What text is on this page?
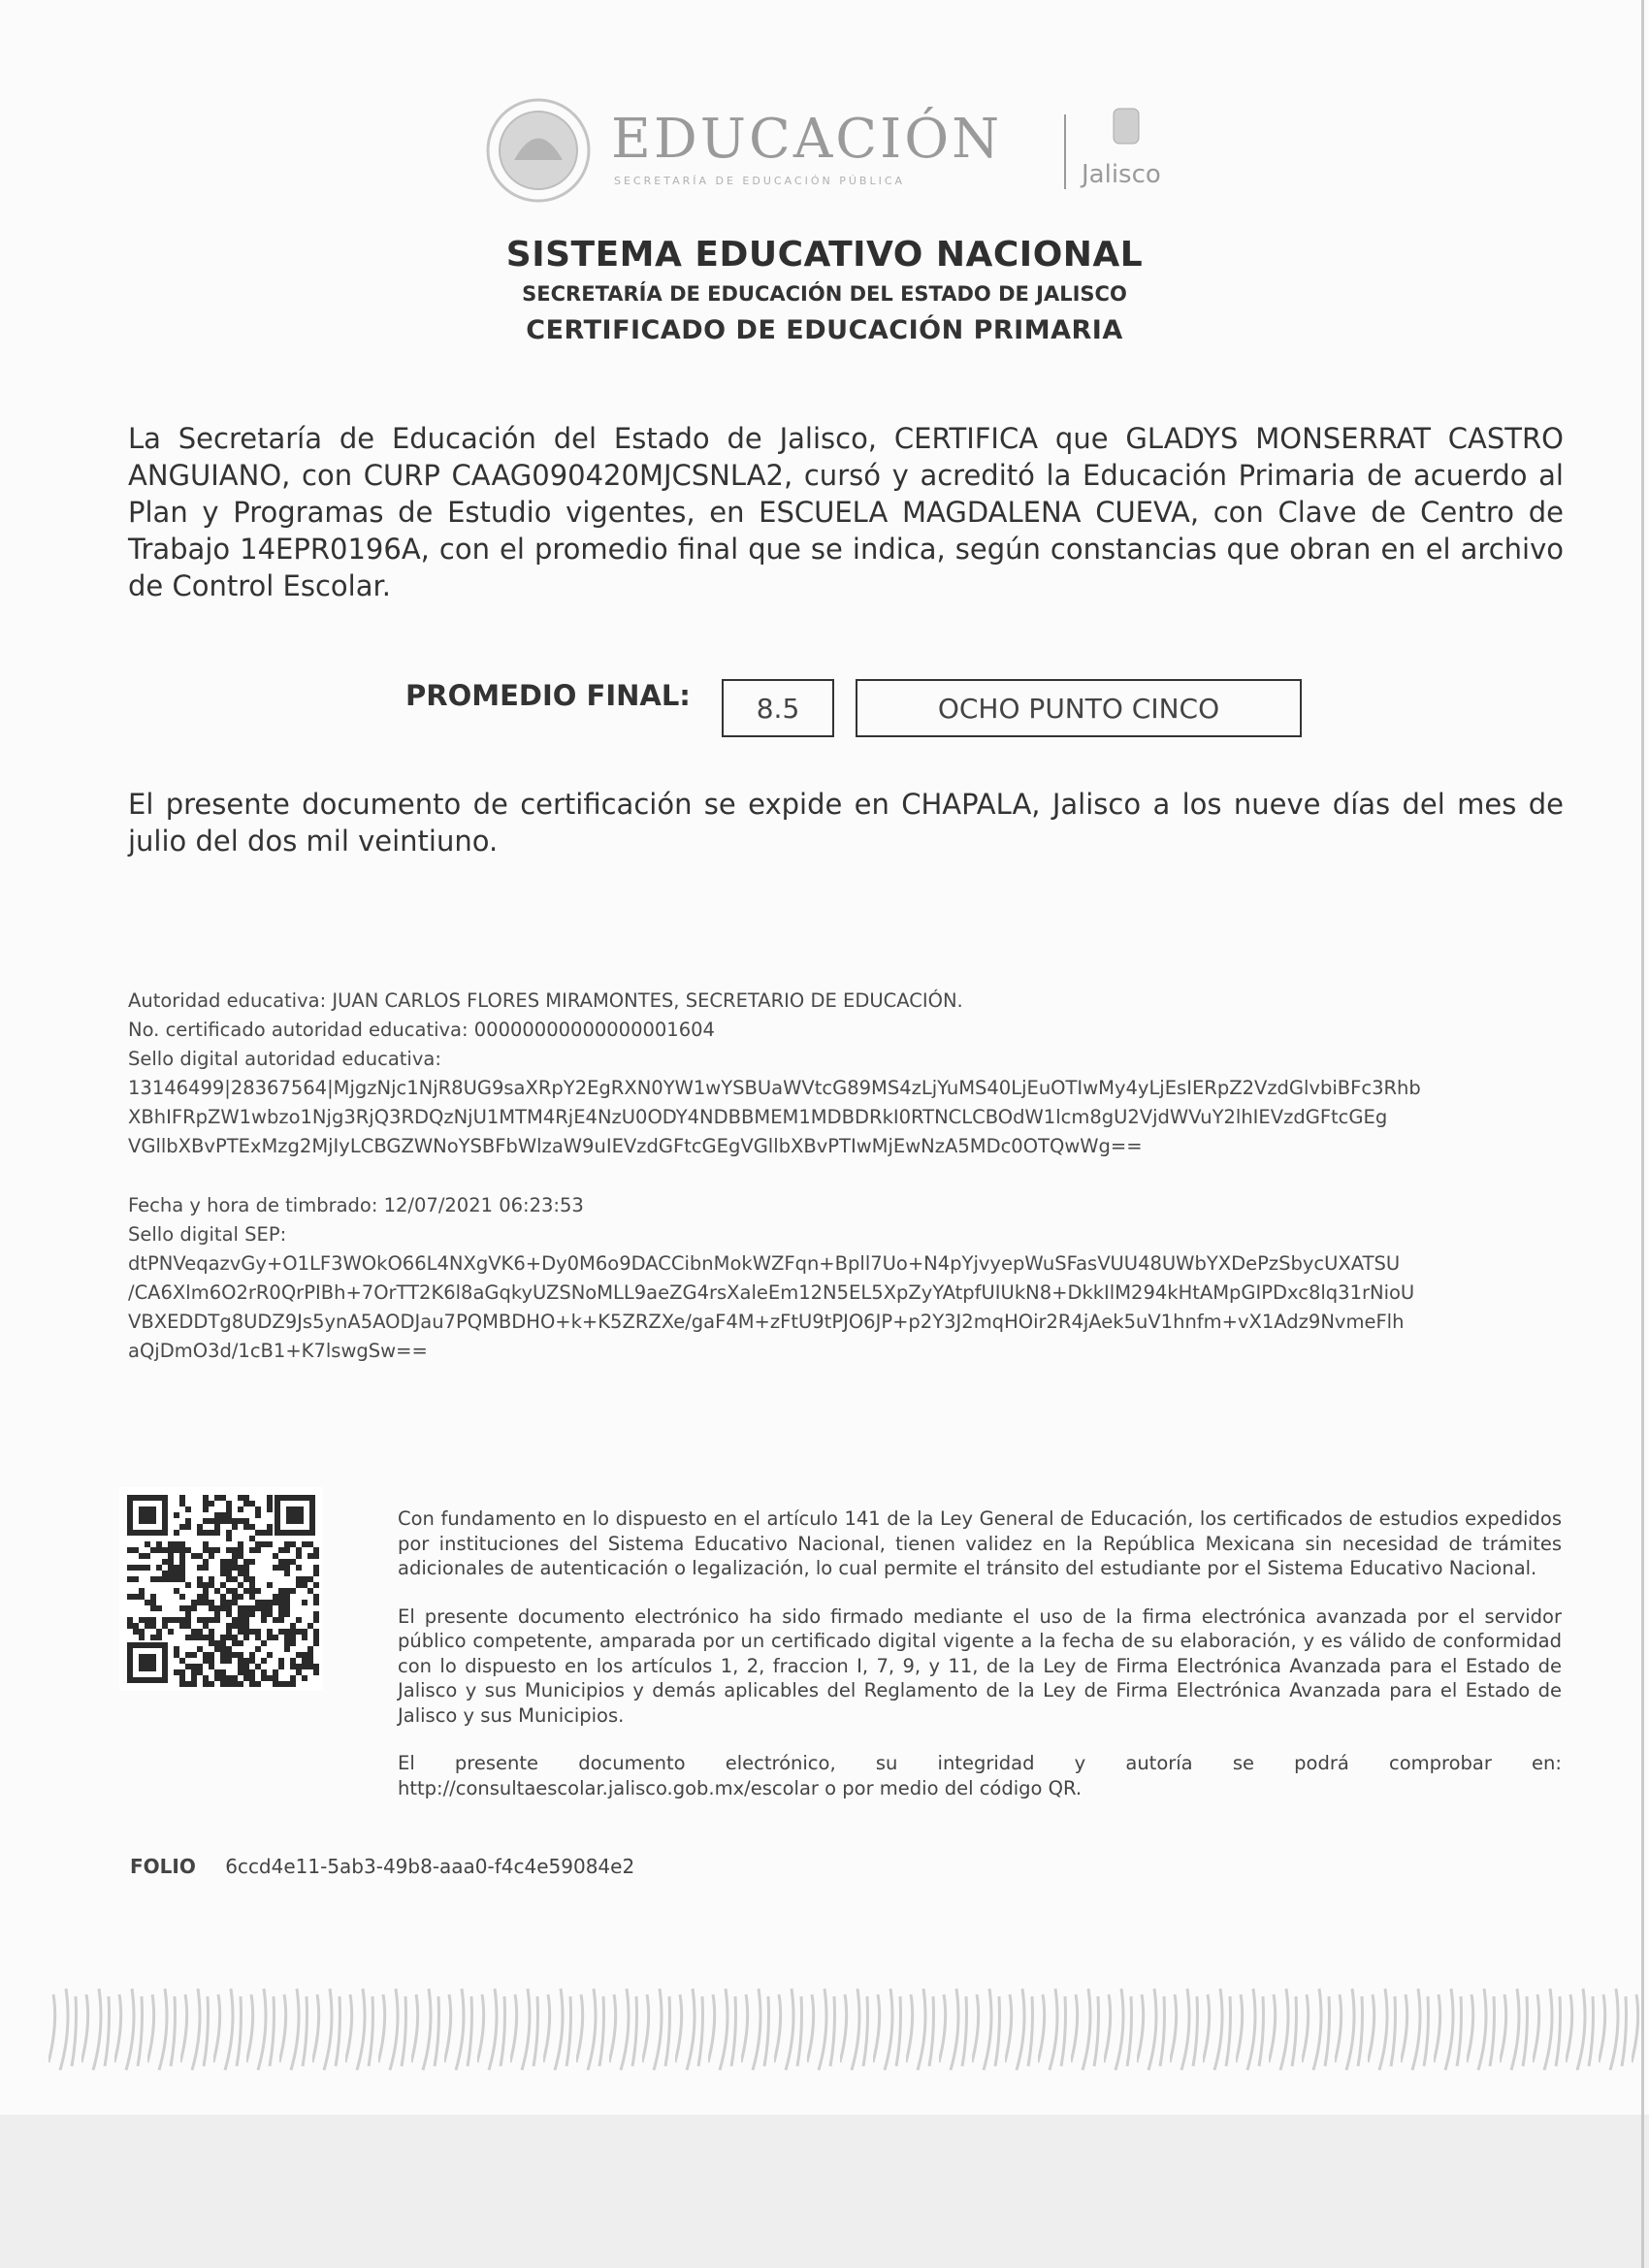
EDUCACIÓN
SECRETARÍA DE EDUCACIÓN PÚBLICA	Jalisco
SISTEMA EDUCATIVO NACIONAL
SECRETARÍA DE EDUCACIÓN DEL ESTADO DE JALISCO
CERTIFICADO DE EDUCACIÓN PRIMARIA
La Secretaría de Educación del Estado de Jalisco, CERTIFICA que GLADYS MONSERRAT CASTRO ANGUIANO, con CURP CAAG090420MJCSNLA2, cursó y acreditó la Educación Primaria de acuerdo al Plan y Programas de Estudio vigentes, en ESCUELA MAGDALENA CUEVA, con Clave de Centro de Trabajo 14EPR0196A, con el promedio final que se indica, según constancias que obran en el archivo de Control Escolar.
PROMEDIO FINAL: 8.5	OCHO PUNTO CINCO
El presente documento de certificación se expide en CHAPALA, Jalisco a los nueve días del mes de julio del dos mil veintiuno.
Autoridad educativa: JUAN CARLOS FLORES MIRAMONTES, SECRETARIO DE EDUCACIÓN.
No. certificado autoridad educativa: 00000000000000001604
Sello digital autoridad educativa:
13146499|28367564|MjgzNjc1NjR8UG9saXRpY2EgRXN0YW1wYSBUaWVtcG89MS4zLjYuMS40LjEuOTIwMy4yLjEsIERpZ2VzdGlvbiBFc3Rhb
XBhIFRpZW1wbzo1Njg3RjQ3RDQzNjU1MTM4RjE4NzU0ODY4NDBBMEM1MDBDRkI0RTNCLCBOdW1lcm8gU2VjdWVuY2lhIEVzdGFtcGEg
VGllbXBvPTExMzg2MjIyLCBGZWNoYSBFbWlzaW9uIEVzdGFtcGEgVGllbXBvPTIwMjEwNzA5MDc0OTQwWg==
Fecha y hora de timbrado: 12/07/2021 06:23:53
Sello digital SEP:
dtPNVeqazvGy+O1LF3WOkO66L4NXgVK6+Dy0M6o9DACCibnMokWZFqn+Bpll7Uo+N4pYjvyepWuSFasVUU48UWbYXDePzSbycUXATSU
/CA6Xlm6O2rR0QrPIBh+7OrTT2K6l8aGqkyUZSNoMLL9aeZG4rsXaleEm12N5EL5XpZyYAtpfUIUkN8+DkkIlM294kHtAMpGIPDxc8lq31rNioU
VBXEDDTg8UDZ9Js5ynA5AODJau7PQMBDHO+k+K5ZRZXe/gaF4M+zFtU9tPJO6JP+p2Y3J2mqHOir2R4jAek5uV1hnfm+vX1Adz9NvmeFlh
aQjDmO3d/1cB1+K7lswgSw==

Con fundamento en lo dispuesto en el artículo 141 de la Ley General de Educación, los certificados de estudios expedidos por instituciones del Sistema Educativo Nacional, tienen validez en la República Mexicana sin necesidad de trámites adicionales de autenticación o legalización, lo cual permite el tránsito del estudiante por el Sistema Educativo Nacional.

El presente documento electrónico ha sido firmado mediante el uso de la firma electrónica avanzada por el servidor público competente, amparada por un certificado digital vigente a la fecha de su elaboración, y es válido de conformidad con lo dispuesto en los artículos 1, 2, fraccion I, 7, 9, y 11, de la Ley de Firma Electrónica Avanzada para el Estado de Jalisco y sus Municipios y demás aplicables del Reglamento de la Ley de Firma Electrónica Avanzada para el Estado de Jalisco y sus Municipios.

El presente documento electrónico, su integridad y autoría se podrá comprobar en: http://consultaescolar.jalisco.gob.mx/escolar o por medio del código QR.

FOLIO 6ccd4e11-5ab3-49b8-aaa0-f4c4e59084e2
